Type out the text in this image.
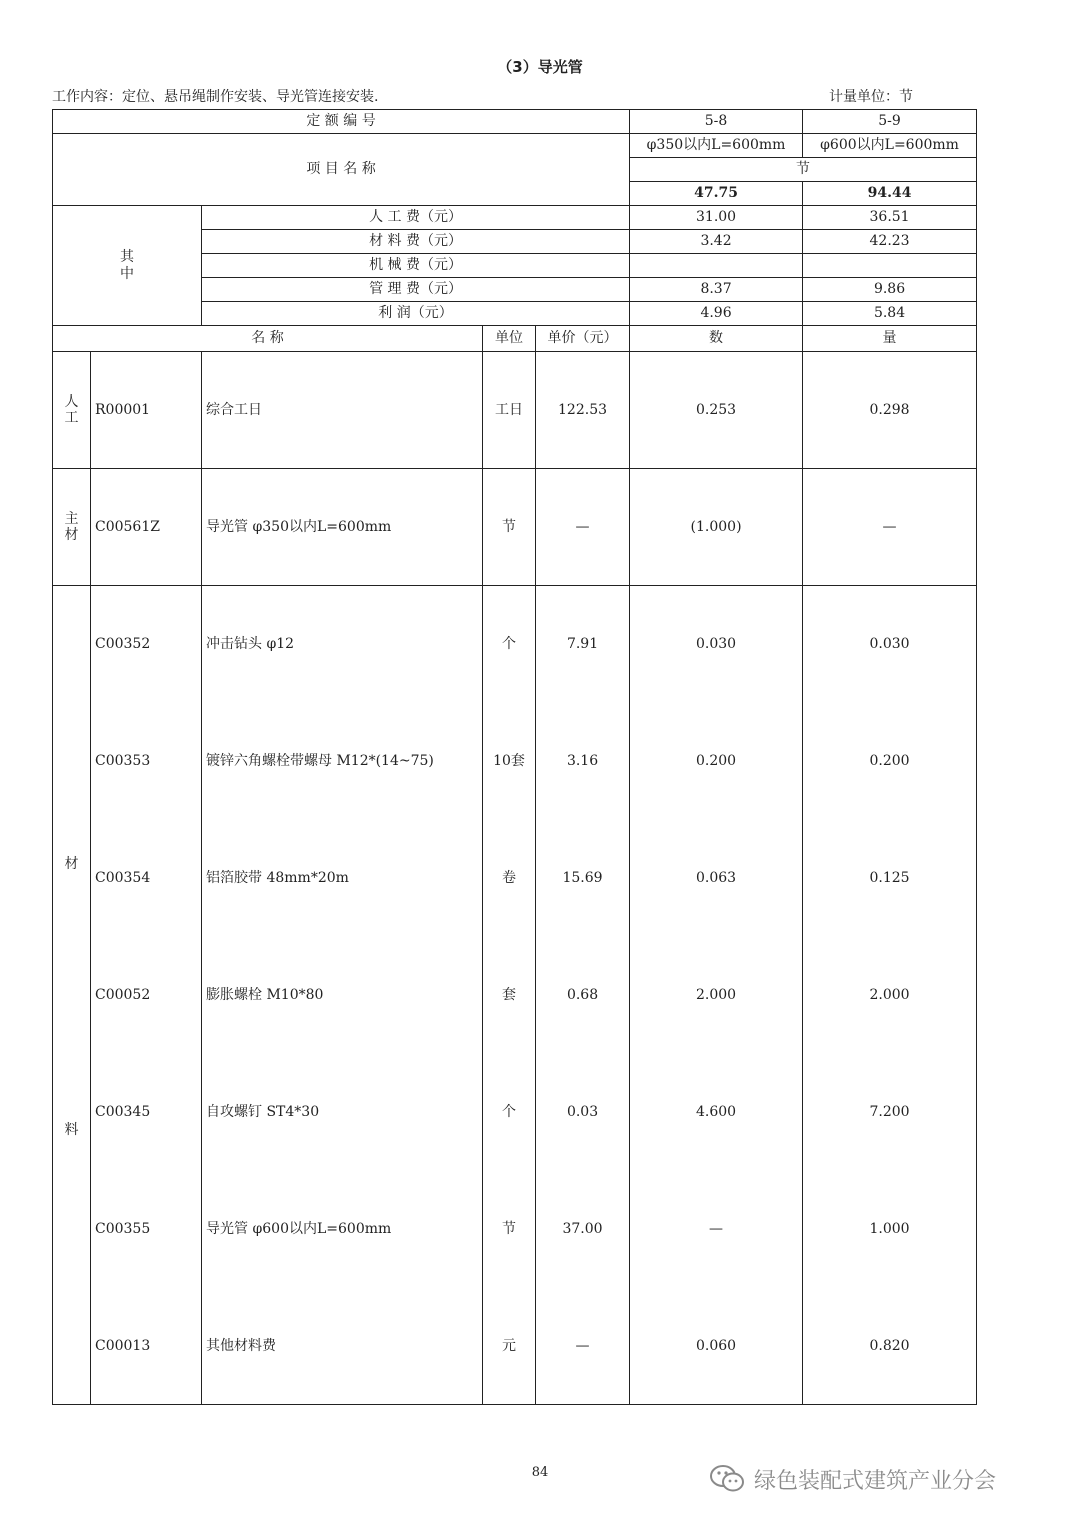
（3）导光管
工作内容：定位、悬吊绳制作安装、导光管连接安装.	计量单位：节
定 额 编 号					5-8	5-9
项 目 名 称					φ350以内L=600mm	φ600以内L=600mm
					节	
					47.75	94.44

其
中		人 工 费（元）			31.00	36.51
		材 料 费（元）			3.42	42.23
		机 械 费（元）				
		管 理 费（元）			8.37	9.86
		利 润（元）			4.96	5.84
名 称			单位	单价（元）	数	量

人
工	R00001	综合工日	工日	122.53	0.253	0.298

主
材	C00561Z	导光管 φ350以内L=600mm	节	—	(1.000)	—

材
料	C00352	冲击钻头 φ12	个	7.91	0.030	0.030
	C00353	镀锌六角螺栓带螺母 M12*(14~75)	10套	3.16	0.200	0.200
	C00354	铝箔胶带 48mm*20m	卷	15.69	0.063	0.125
	C00052	膨胀螺栓 M10*80	套	0.68	2.000	2.000
	C00345	自攻螺钉 ST4*30	个	0.03	4.600	7.200
	C00355	导光管 φ600以内L=600mm	节	37.00	—	1.000
	C00013	其他材料费	元	—	0.060	0.820
84	绿色装配式建筑产业分会
